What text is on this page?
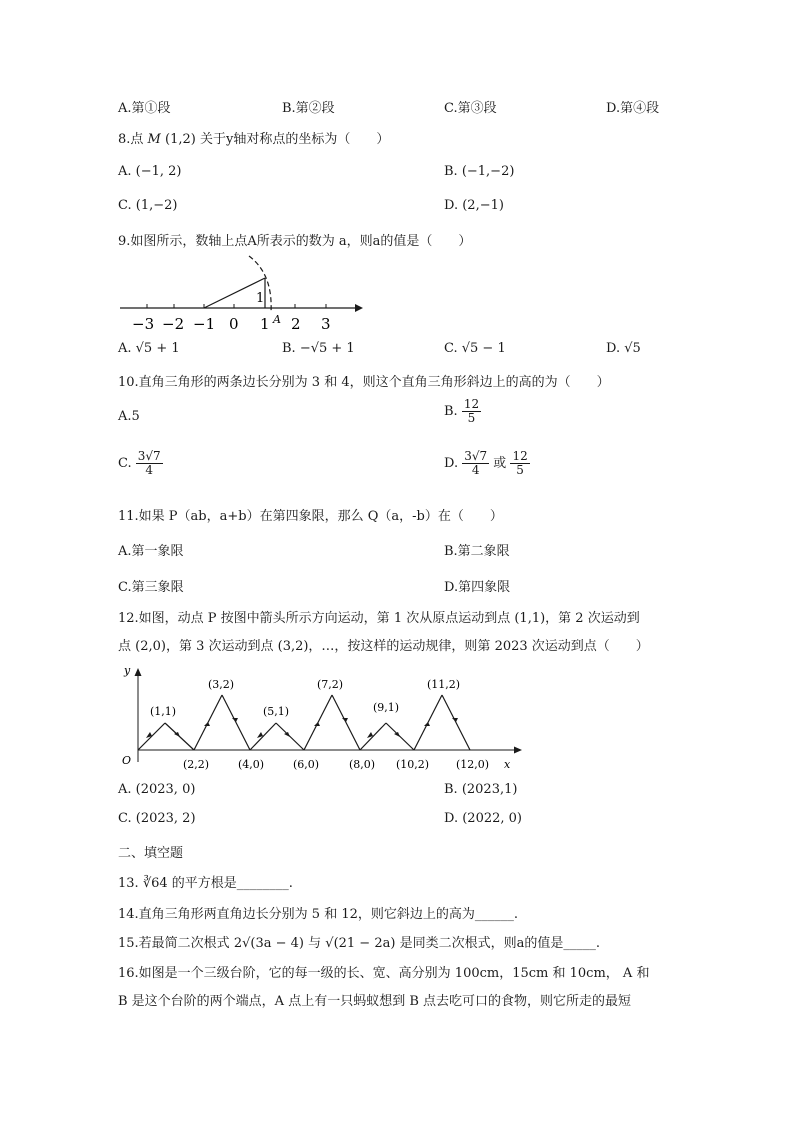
A.第①段	B.第②段	C.第③段	D.第④段
8.点 M (1,2) 关于y轴对称点的坐标为（　　）
A. (−1, 2)	B. (−1,−2)
C. (1,−2)	D. (2,−1)
9.如图所示，数轴上点A所表示的数为 a，则a的值是（　　）
1
A
−3 −2 −1 0 1 2 3
A. √5 + 1	B. −√5 + 1	C. √5 − 1	D. √5
10.直角三角形的两条边长分别为 3 和 4，则这个直角三角形斜边上的高的为（　　）
A.5	B. $\frac{12}{5}$
C. $\frac{3√7}{4}$	D. $\frac{3√7}{4}$ 或 $\frac{12}{5}$
11.如果 P（ab，a+b）在第四象限，那么 Q（a，-b）在（　　）
A.第一象限	B.第二象限
C.第三象限	D.第四象限
12.如图，动点 P 按图中箭头所示方向运动，第 1 次从原点运动到点 (1,1)，第 2 次运动到
点 (2,0)，第 3 次运动到点 (3,2)，…，按这样的运动规律，则第 2023 次运动到点（　　）
y
O	x
(1,1)
(3,2)
(5,1)
(7,2)
(9,1)
(11,2)
(2,2)	(4,0)	(6,0)	(8,0) (10,2) (12,0)
A. (2023, 0)	B. (2023,1)
C. (2023, 2)	D. (2022, 0)
二、填空题
13. ∛64 的平方根是________.
14.直角三角形两直角边长分别为 5 和 12，则它斜边上的高为______.
15.若最简二次根式 2√(3a − 4) 与 √(21 − 2a) 是同类二次根式，则a的值是_____.
16.如图是一个三级台阶，它的每一级的长、宽、高分别为 100cm，15cm 和 10cm， A 和
B 是这个台阶的两个端点，A 点上有一只蚂蚁想到 B 点去吃可口的食物，则它所走的最短
